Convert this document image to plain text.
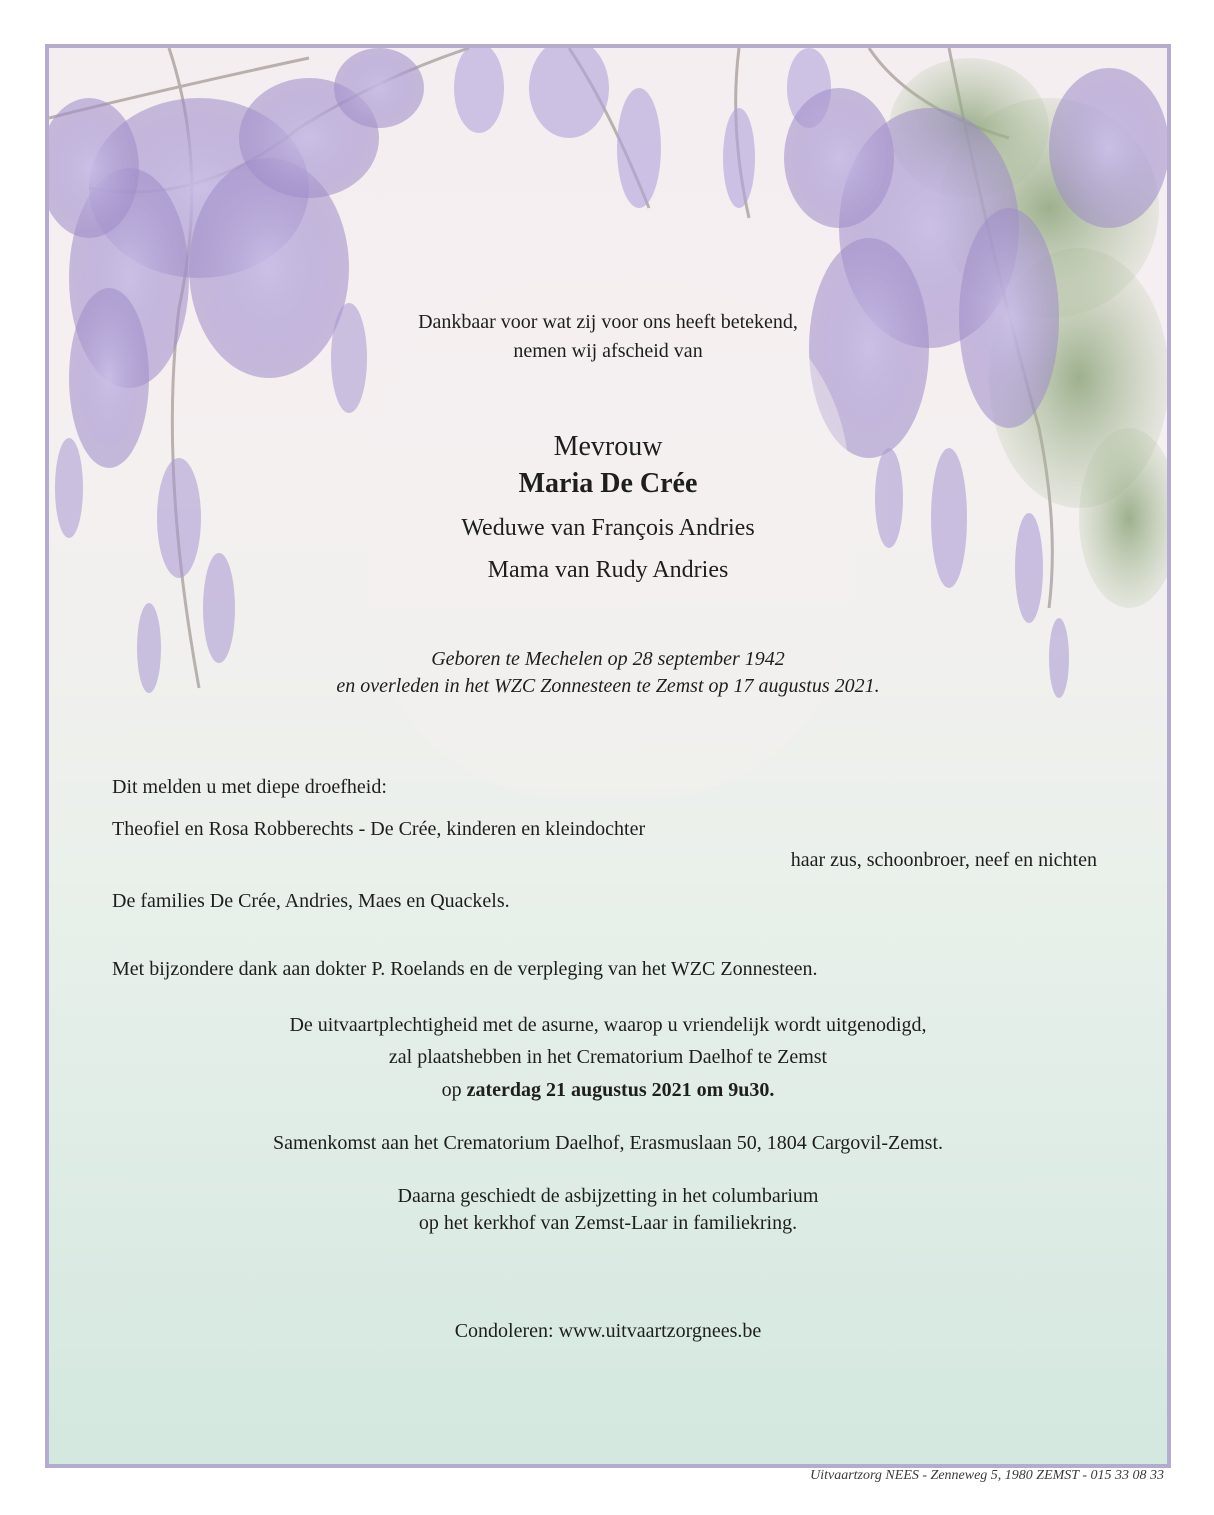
Dankbaar voor wat zij voor ons heeft betekend,
nemen wij afscheid van
Mevrouw
Maria De Crée
Weduwe van François Andries
Mama van Rudy Andries
Geboren te Mechelen op 28 september 1942
en overleden in het WZC Zonnesteen te Zemst op 17 augustus 2021.
Dit melden u met diepe droefheid:
Theofiel en Rosa Robberechts - De Crée, kinderen en kleindochter
haar zus, schoonbroer, neef en nichten
De families De Crée, Andries, Maes en Quackels.
Met bijzondere dank aan dokter P. Roelands en de verpleging van het WZC Zonnesteen.
De uitvaartplechtigheid met de asurne, waarop u vriendelijk wordt uitgenodigd,
zal plaatshebben in het Crematorium Daelhof te Zemst
op zaterdag 21 augustus 2021 om 9u30.
Samenkomst aan het Crematorium Daelhof, Erasmuslaan 50, 1804 Cargovil-Zemst.
Daarna geschiedt de asbijzetting in het columbarium
op het kerkhof van Zemst-Laar in familiekring.
Condoleren: www.uitvaartzorgnees.be
Uitvaartzorg NEES - Zenneweg 5, 1980 ZEMST - 015 33 08 33
